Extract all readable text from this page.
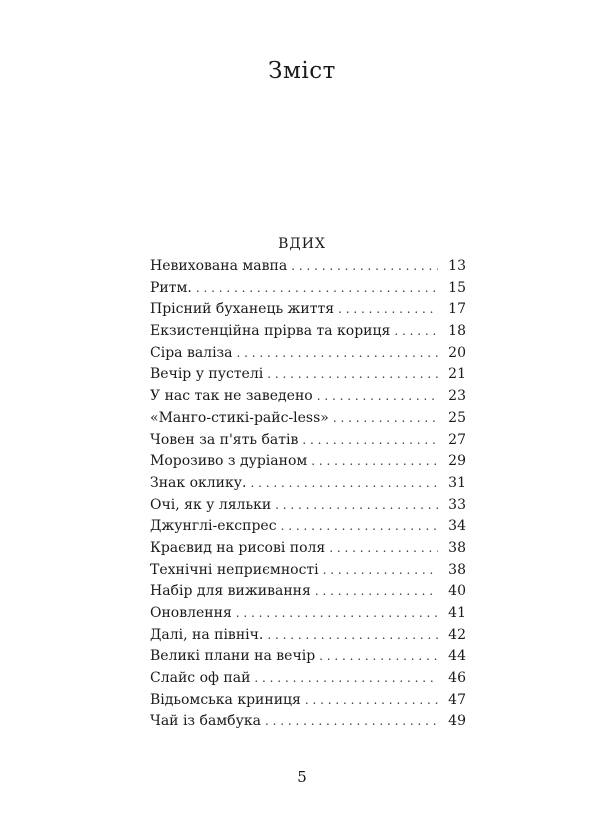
Зміст
ВДИХ
Невихована мавпа . . .	13
Ритм. . . .	15
Прісний буханець життя . . .	17
Екзистенційна прірва та кориця . . .	18
Сіра валіза . . .	20
Вечір у пустелі . . .	21
У нас так не заведено . . .	23
«Манго-стикі-райс-less» . . .	25
Човен за п'ять батів . . .	27
Морозиво з дуріаном . . .	29
Знак оклику. . . .	31
Очі, як у ляльки . . .	33
Джунглі-експрес . . .	34
Краєвид на рисові поля . . .	38
Технічні неприємності . . .	38
Набір для виживання . . .	40
Оновлення . . .	41
Далі, на північ. . . .	42
Великі плани на вечір . . .	44
Слайс оф пай . . .	46
Відьомська криниця . . .	47
Чай із бамбука . . .	49
5
